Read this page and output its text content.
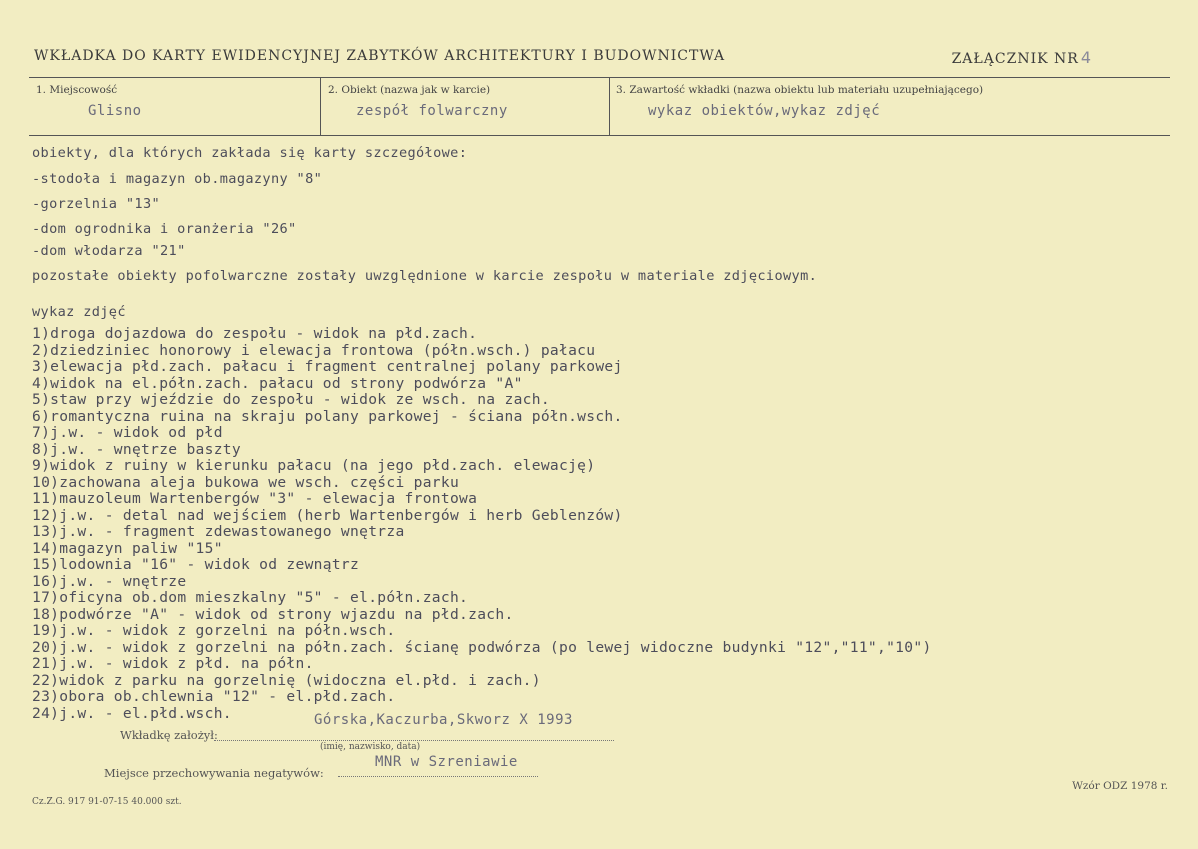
WKŁADKA DO KARTY EWIDENCYJNEJ ZABYTKÓW ARCHITEKTURY I BUDOWNICTWA	ZAŁĄCZNIK NR 4
1. Miejscowość
Glisno
2. Obiekt (nazwa jak w karcie)
zespół folwarczny
3. Zawartość wkładki (nazwa obiektu lub materiału uzupełniającego)
wykaz obiektów,wykaz zdjęć
obiekty, dla których zakłada się karty szczegółowe:
-stodoła i magazyn ob.magazyny "8"
-gorzelnia "13"
-dom ogrodnika i oranżeria "26"
-dom włodarza "21"
pozostałe obiekty pofolwarczne zostały uwzględnione w karcie zespołu w materiale zdjęciowym.
wykaz zdjęć
1)droga dojazdowa do zespołu - widok na płd.zach.
2)dziedziniec honorowy i elewacja frontowa (półn.wsch.) pałacu
3)elewacja płd.zach. pałacu i fragment centralnej polany parkowej
4)widok na el.półn.zach. pałacu od strony podwórza "A"
5)staw przy wjeździe do zespołu - widok ze wsch. na zach.
6)romantyczna ruina na skraju polany parkowej - ściana półn.wsch.
7)j.w. - widok od płd
8)j.w. - wnętrze baszty
9)widok z ruiny w kierunku pałacu (na jego płd.zach. elewację)
10)zachowana aleja bukowa we wsch. części parku
11)mauzoleum Wartenbergów "3" - elewacja frontowa
12)j.w. - detal nad wejściem (herb Wartenbergów i herb Geblenzów)
13)j.w. - fragment zdewastowanego wnętrza
14)magazyn paliw "15"
15)lodownia "16" - widok od zewnątrz
16)j.w. - wnętrze
17)oficyna ob.dom mieszkalny "5" - el.półn.zach.
18)podwórze "A" - widok od strony wjazdu na płd.zach.
19)j.w. - widok z gorzelni na półn.wsch.
20)j.w. - widok z gorzelni na półn.zach. ścianę podwórza (po lewej widoczne budynki "12","11","10")
21)j.w. - widok z płd. na półn.
22)widok z parku na gorzelnię (widoczna el.płd. i zach.)
23)obora ob.chlewnia "12" - el.płd.zach.
24)j.w. - el.płd.wsch.
Wkładkę założył:
Górska,Kaczurba,Skworz X 1993
(imię, nazwisko, data)
Miejsce przechowywania negatywów:
MNR w Szreniawie
Cz.Z.G. 917 91-07-15 40.000 szt.
Wzór ODZ 1978 r.
